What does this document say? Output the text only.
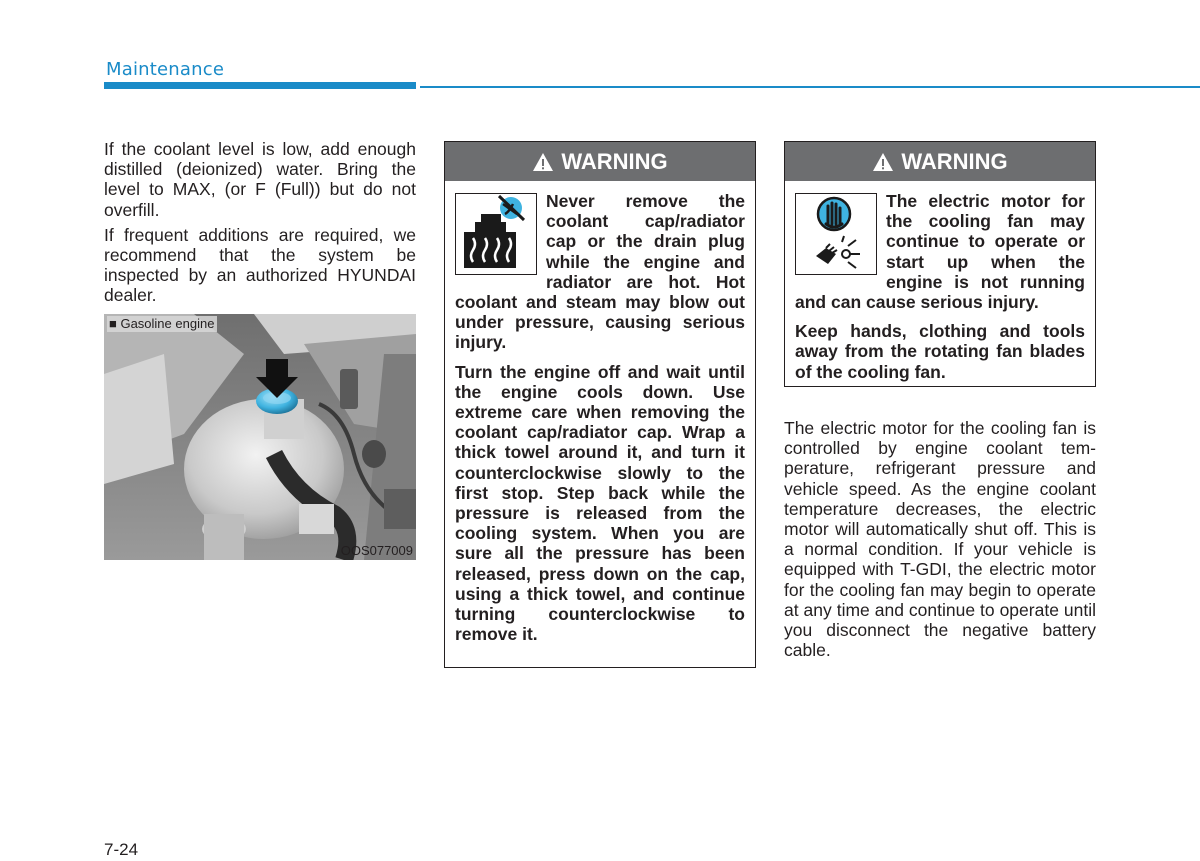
Maintenance

If the coolant level is low, add enough distilled (deionized) water. Bring the level to MAX, (or F (Full)) but do not overfill.

If frequent additions are required, we recommend that the system be inspected by an authorized HYUNDAI dealer.

■ Gasoline engine
OOS077009
WARNING

Never remove the coolant cap/radiator cap or the drain plug while the engine and radiator are hot. Hot coolant and steam may blow out under pressure, causing serious injury.

Turn the engine off and wait until the engine cools down. Use extreme care when removing the coolant cap/radiator cap. Wrap a thick towel around it, and turn it counterclockwise slowly to the first stop. Step back while the pressure is released from the cooling system. When you are sure all the pressure has been released, press down on the cap, using a thick towel, and continue turning counterclockwise to remove it.

WARNING

The electric motor for the cooling fan may continue to operate or start up when the engine is not running and can cause serious injury.

Keep hands, clothing and tools away from the rotating fan blades of the cooling fan.

The electric motor for the cooling fan is controlled by engine coolant tem-perature, refrigerant pressure and vehicle speed. As the engine coolant temperature decreases, the electric motor will automatically shut off. This is a normal condition. If your vehicle is equipped with T-GDI, the electric motor for the cooling fan may begin to operate at any time and continue to operate until you disconnect the negative battery cable.

7-24
